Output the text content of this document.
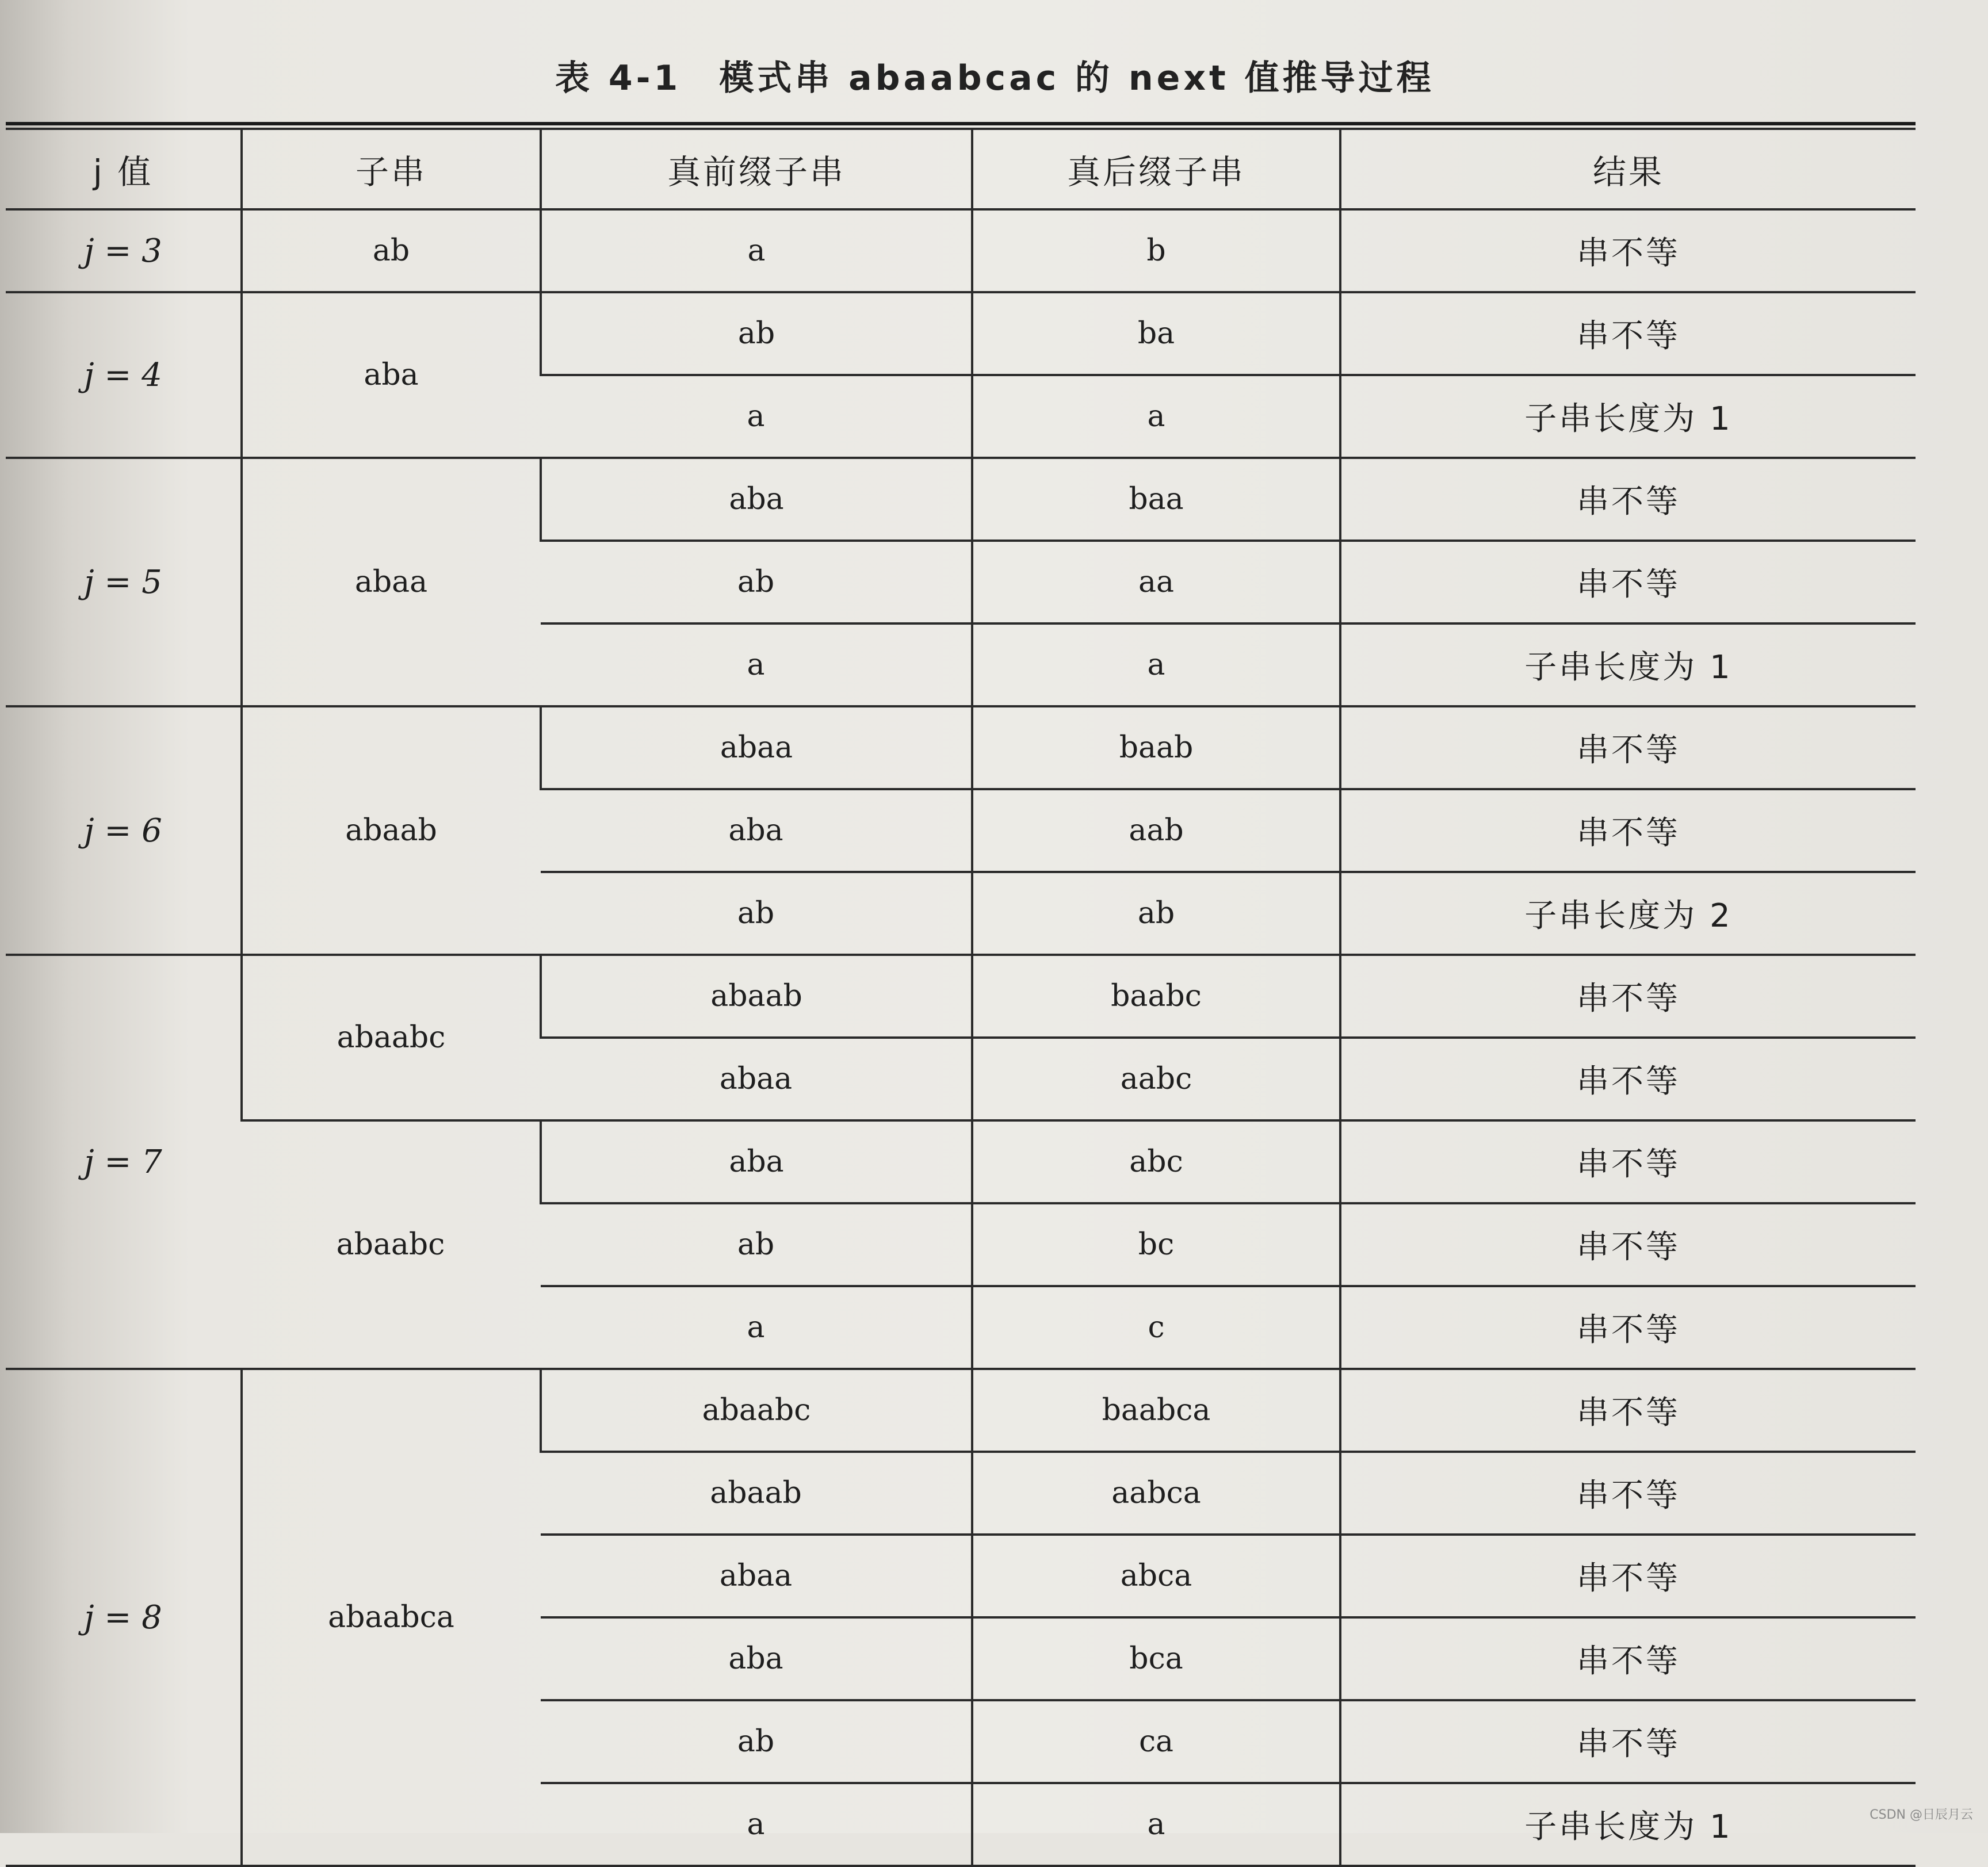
表 4-1　模式串 abaabcac 的 next 值推导过程
j 值	子串	真前缀子串	真后缀子串	结果
j = 3	ab	a	b	串不等
j = 4	aba	ab	ba	串不等
		a	a	子串长度为 1
j = 5	abaa	aba	baa	串不等
		ab	aa	串不等
		a	a	子串长度为 1
j = 6	abaab	abaa	baab	串不等
		aba	aab	串不等
		ab	ab	子串长度为 2
j = 7	abaabc	abaab	baabc	串不等
		abaa	aabc	串不等
	abaabc	aba	abc	串不等
		ab	bc	串不等
		a	c	串不等
j = 8	abaabca	abaabc	baabca	串不等
		abaab	aabca	串不等
		abaa	abca	串不等
		aba	bca	串不等
		ab	ca	串不等
		a	a	子串长度为 1	CSDN @日辰月云
